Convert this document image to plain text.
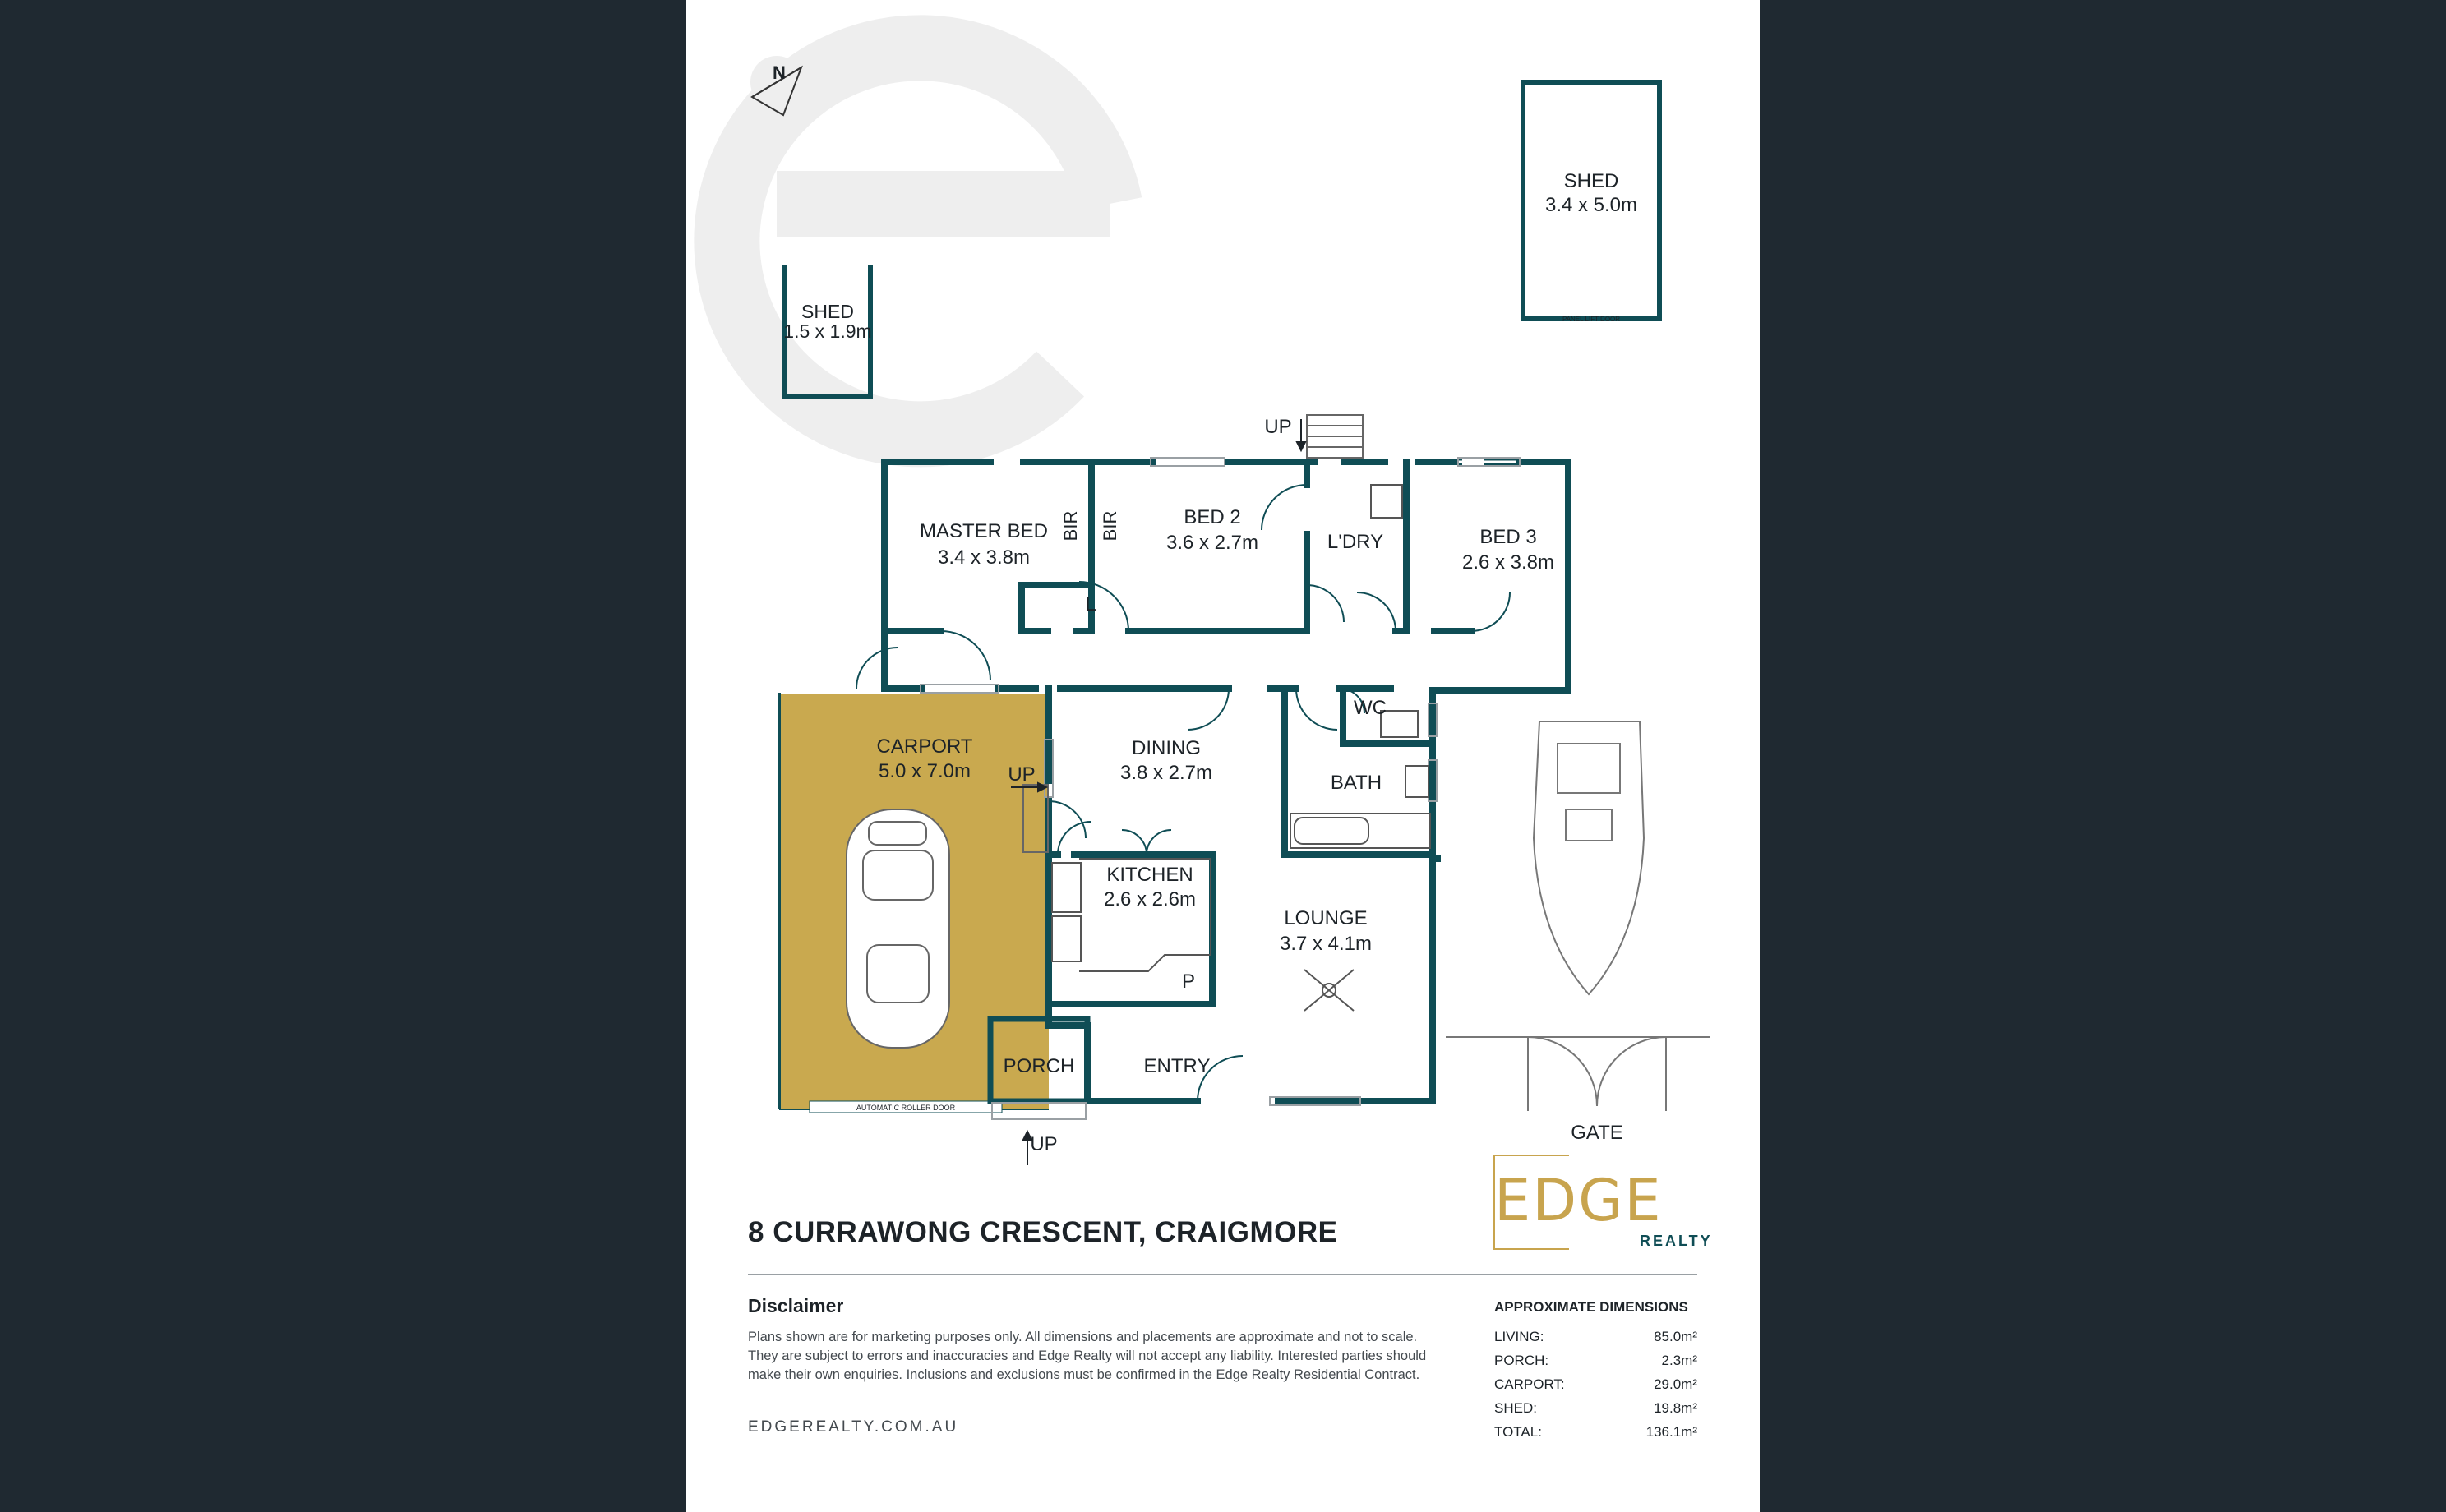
N
SHED
1.5 x 1.9m
SHED
3.4 x 5.0m
PANEL LIFT DOOR
AUTOMATIC ROLLER DOOR
MASTER BED
3.4 x 3.8m
BED 2
3.6 x 2.7m	L'DRY	BED 3
2.6 x 3.8m
WC
BATH
CARPORT
5.0 x 7.0m
DINING
3.8 x 2.7m
KITCHEN
2.6 x 2.6m
P
LOUNGE
3.7 x 4.1m
PORCH	ENTRY
GATE
UP
UP
UP
L
BIR BIR
EDGE
REALTY
8 CURRAWONG CRESCENT, CRAIGMORE
Disclaimer
Plans shown are for marketing purposes only. All dimensions and placements are approximate and not to scale.
They are subject to errors and inaccuracies and Edge Realty will not accept any liability. Interested parties should
make their own enquiries. Inclusions and exclusions must be confirmed in the Edge Realty Residential Contract.
EDGEREALTY.COM.AU
APPROXIMATE DIMENSIONS
LIVING:	85.0m²
PORCH:	2.3m²
CARPORT:	29.0m²
SHED:	19.8m²
TOTAL:	136.1m²
